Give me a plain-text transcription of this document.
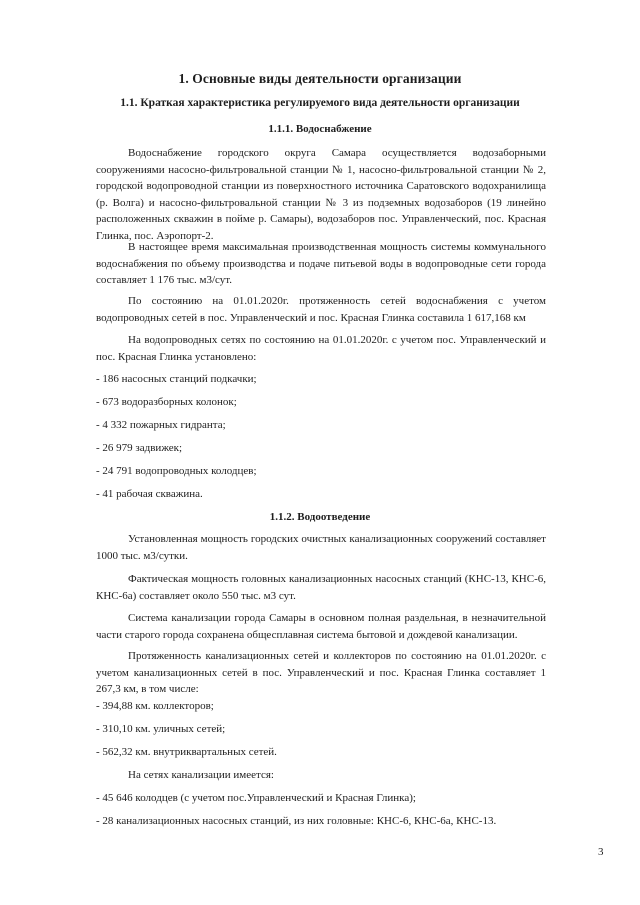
1. Основные виды деятельности организации
1.1. Краткая характеристика регулируемого вида деятельности организации
1.1.1. Водоснабжение

Водоснабжение городского округа Самара осуществляется водозаборными сооружениями насосно-фильтровальной станции № 1, насосно-фильтровальной станции № 2, городской водопроводной станции из поверхностного источника Саратовского водохранилища (р. Волга) и насосно-фильтровальной станции № 3 из подземных водозаборов (19 линейно расположенных скважин в пойме р. Самары), водозаборов пос. Управленческий, пос. Красная Глинка, пос. Аэропорт-2.

В настоящее время максимальная производственная мощность системы коммунального водоснабжения по объему производства и подаче питьевой воды в водопроводные сети города составляет 1 176 тыс. м3/сут.

По состоянию на 01.01.2020г. протяженность сетей водоснабжения с учетом водопроводных сетей в пос. Управленческий и пос. Красная Глинка составила 1 617,168 км

На водопроводных сетях по состоянию на 01.01.2020г. с учетом пос. Управленческий и пос. Красная Глинка установлено:

- 186 насосных станций подкачки;
- 673 водоразборных колонок;
- 4 332 пожарных гидранта;
- 26 979 задвижек;
- 24 791 водопроводных колодцев;
- 41 рабочая скважина.
1.1.2. Водоотведение

Установленная мощность городских очистных канализационных сооружений составляет 1000 тыс. м3/сутки.

Фактическая мощность головных канализационных насосных станций (КНС-13, КНС-6, КНС-6а) составляет около 550 тыс. м3 сут.

Система канализации города Самары в основном полная раздельная, в незначительной части старого города сохранена общесплавная система бытовой и дождевой канализации.

Протяженность канализационных сетей и коллекторов по состоянию на 01.01.2020г. с учетом канализационных сетей в пос. Управленческий и пос. Красная Глинка составляет 1 267,3 км, в том числе:

- 394,88 км. коллекторов;
- 310,10 км. уличных сетей;
- 562,32 км. внутриквартальных сетей.

На сетях канализации имеется:

- 45 646 колодцев (с учетом пос.Управленческий и Красная Глинка);
- 28 канализационных насосных станций, из них головные: КНС-6, КНС-6а, КНС-13.
3
